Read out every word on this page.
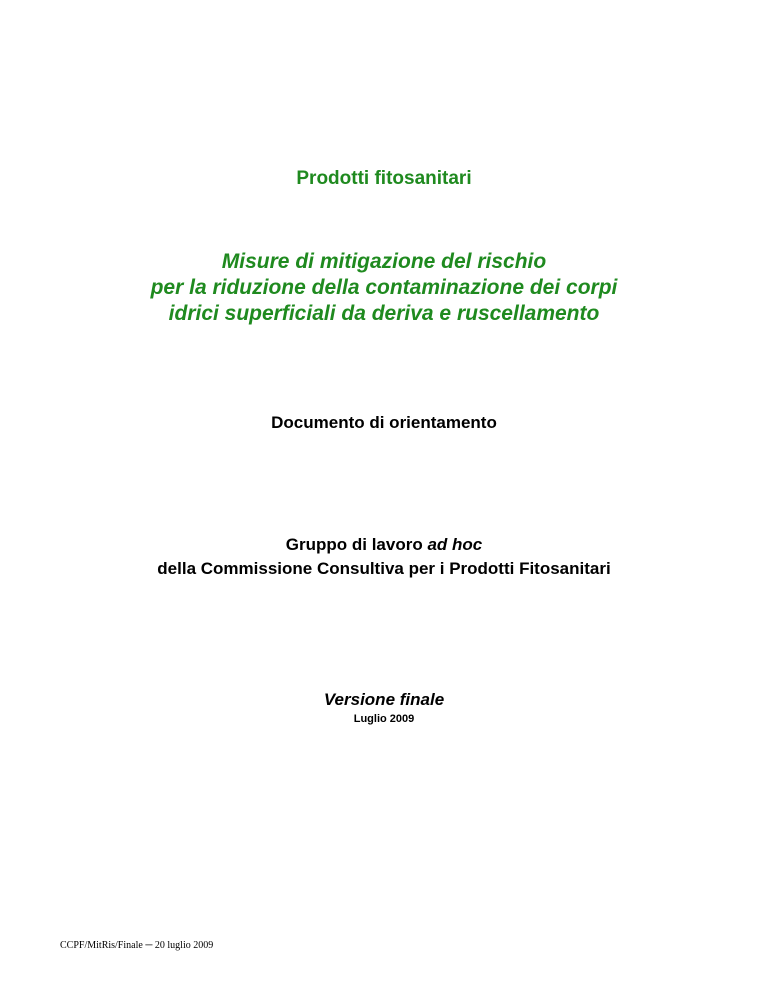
Prodotti fitosanitari
Misure di mitigazione del rischio
per la riduzione della contaminazione dei corpi
idrici superficiali da deriva e ruscellamento
Documento di orientamento
Gruppo di lavoro ad hoc
della Commissione Consultiva per i Prodotti Fitosanitari
Versione finale
Luglio 2009
CCPF/MitRis/Finale ─ 20 luglio 2009
